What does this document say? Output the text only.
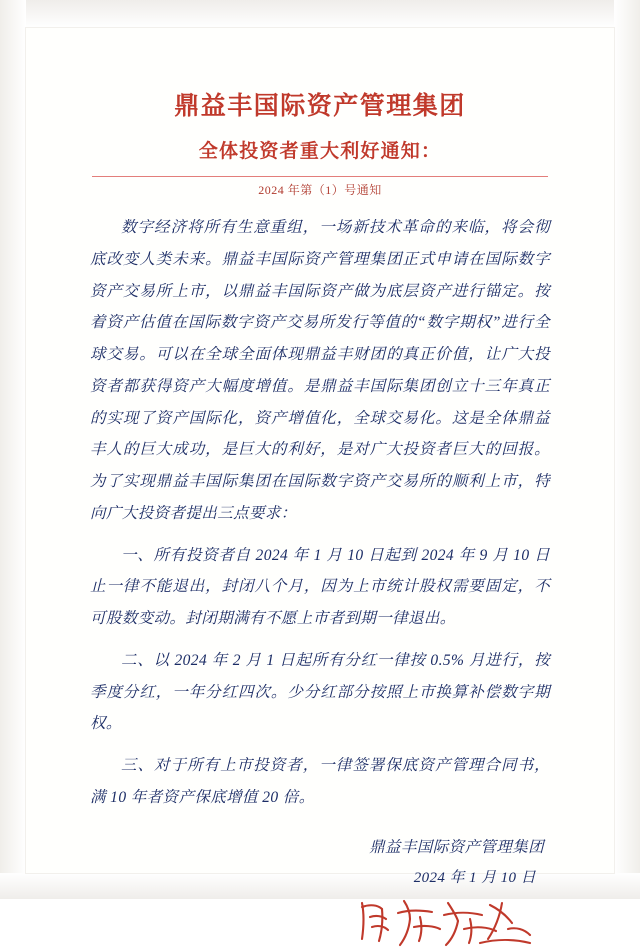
鼎益丰国际资产管理集团
全体投资者重大利好通知：
2024 年第（1）号通知

数字经济将所有生意重组，一场新技术革命的来临，将会彻底改变人类未来。鼎益丰国际资产管理集团正式申请在国际数字资产交易所上市，以鼎益丰国际资产做为底层资产进行锚定。按着资产估值在国际数字资产交易所发行等值的“数字期权”进行全球交易。可以在全球全面体现鼎益丰财团的真正价值，让广大投资者都获得资产大幅度增值。是鼎益丰国际集团创立十三年真正的实现了资产国际化，资产增值化，全球交易化。这是全体鼎益丰人的巨大成功，是巨大的利好，是对广大投资者巨大的回报。为了实现鼎益丰国际集团在国际数字资产交易所的顺利上市，特向广大投资者提出三点要求：

一、所有投资者自 2024 年 1 月 10 日起到 2024 年 9 月 10 日止一律不能退出，封闭八个月，因为上市统计股权需要固定，不可股数变动。封闭期满有不愿上市者到期一律退出。

二、以 2024 年 2 月 1 日起所有分红一律按 0.5% 月进行，按季度分红，一年分红四次。少分红部分按照上市换算补偿数字期权。

三、对于所有上市投资者，一律签署保底资产管理合同书，满 10 年者资产保底增值 20 倍。

鼎益丰国际资产管理集团
2024 年 1 月 10 日
